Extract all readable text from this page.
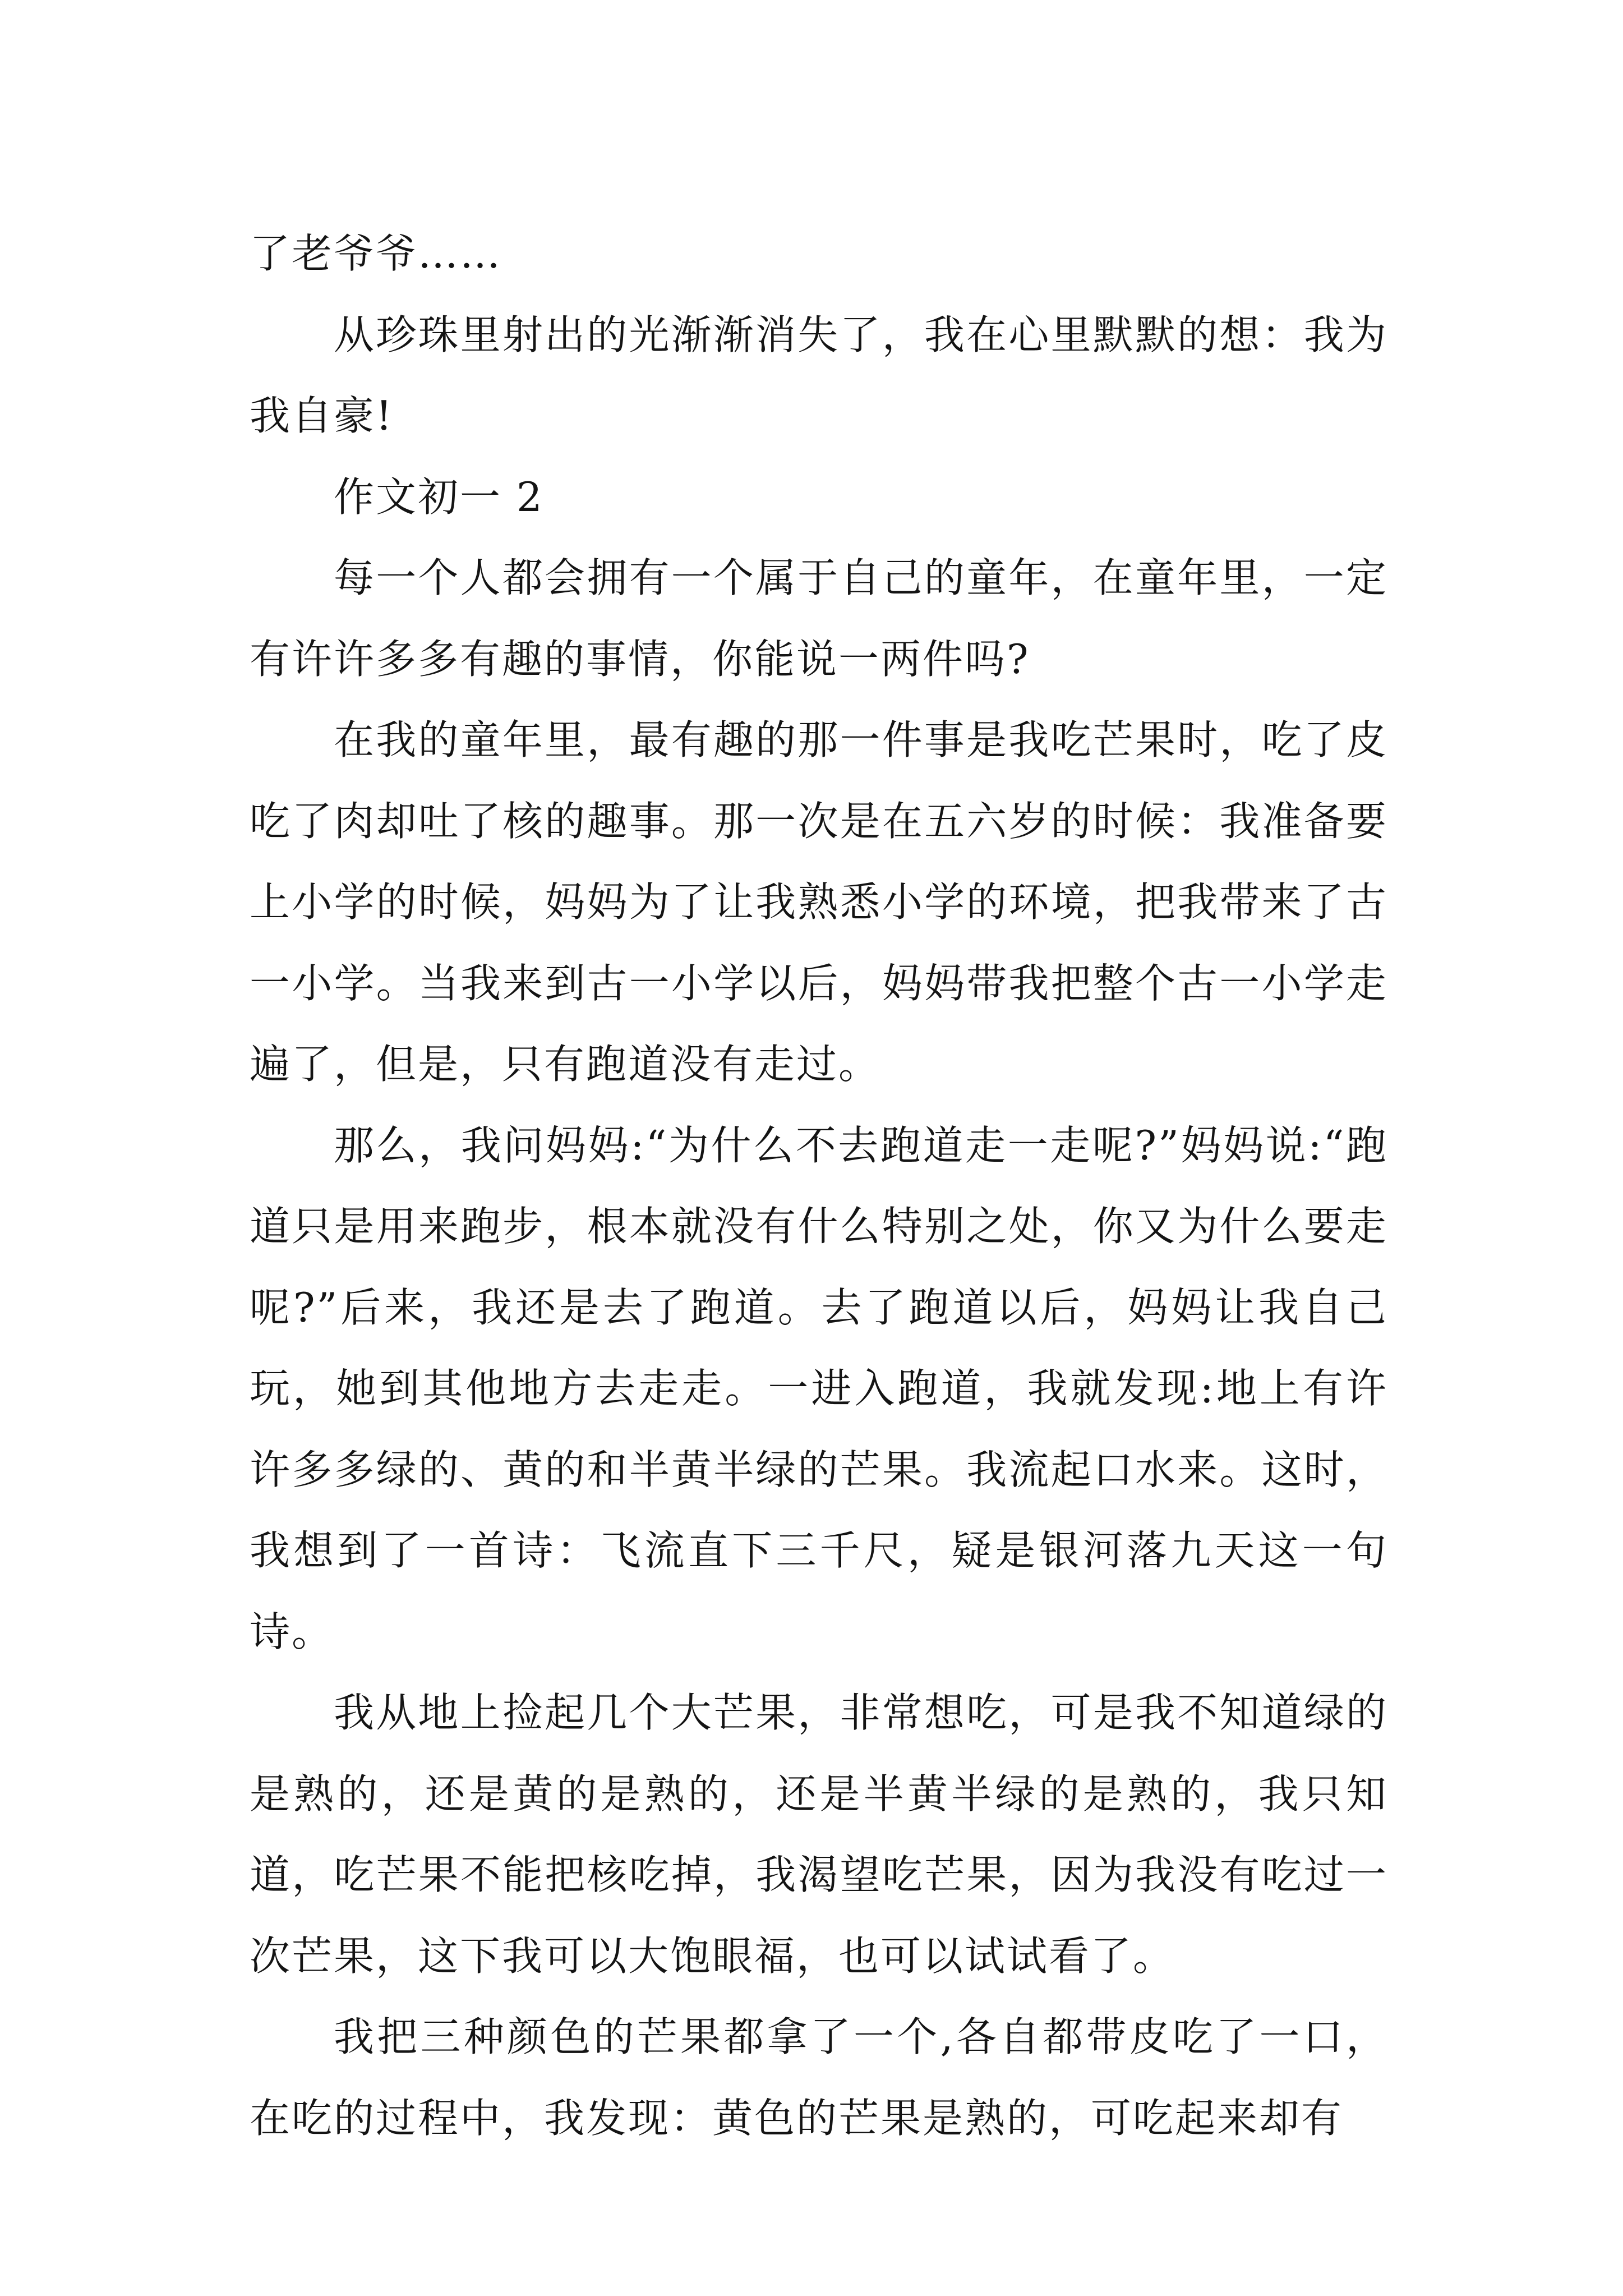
了老爷爷……

从珍珠里射出的光渐渐消失了，我在心里默默的想：我为我自豪!

作文初一 2

每一个人都会拥有一个属于自己的童年，在童年里，一定有许许多多有趣的事情，你能说一两件吗?

在我的童年里，最有趣的那一件事是我吃芒果时，吃了皮吃了肉却吐了核的趣事。那一次是在五六岁的时候：我准备要上小学的时候，妈妈为了让我熟悉小学的环境，把我带来了古一小学。当我来到古一小学以后，妈妈带我把整个古一小学走遍了，但是，只有跑道没有走过。

那么，我问妈妈:“为什么不去跑道走一走呢?”妈妈说:“跑道只是用来跑步，根本就没有什么特别之处，你又为什么要走呢?”后来，我还是去了跑道。去了跑道以后，妈妈让我自己玩，她到其他地方去走走。一进入跑道，我就发现:地上有许许多多绿的、黄的和半黄半绿的芒果。我流起口水来。这时，我想到了一首诗：飞流直下三千尺，疑是银河落九天这一句诗。

我从地上捡起几个大芒果，非常想吃，可是我不知道绿的是熟的，还是黄的是熟的，还是半黄半绿的是熟的，我只知道，吃芒果不能把核吃掉，我渴望吃芒果，因为我没有吃过一次芒果，这下我可以大饱眼福，也可以试试看了。

我把三种颜色的芒果都拿了一个,各自都带皮吃了一口，在吃的过程中，我发现：黄色的芒果是熟的，可吃起来却有
